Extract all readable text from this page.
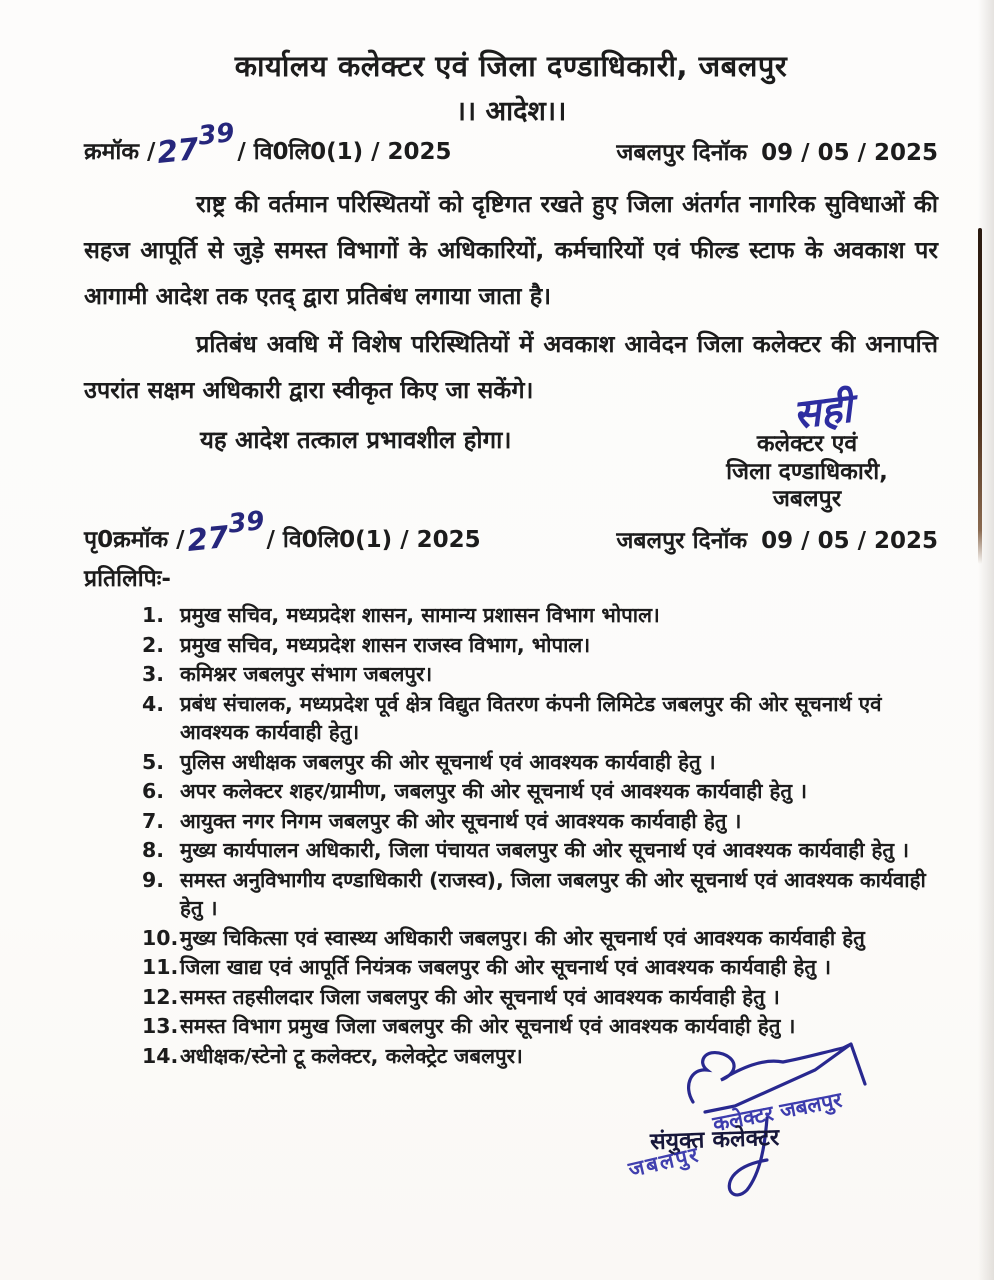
कार्यालय कलेक्टर एवं जिला दण्डाधिकारी, जबलपुर
।। आदेश।।
क्रमॉक /2739/ वि0लि0(1) / 2025	जबलपुर दिनॉक 09 / 05 / 2025

राष्ट्र की वर्तमान परिस्थितयों को दृष्टिगत रखते हुए जिला अंतर्गत नागरिक सुविधाओं की सहज आपूर्ति से जुड़े समस्त विभागों के अधिकारियों, कर्मचारियों एवं फील्ड स्टाफ के अवकाश पर आगामी आदेश तक एतद् द्वारा प्रतिबंध लगाया जाता है।

प्रतिबंध अवधि में विशेष परिस्थितियों में अवकाश आवेदन जिला कलेक्टर की अनापत्ति उपरांत सक्षम अधिकारी द्वारा स्वीकृत किए जा सकेंगे।

यह आदेश तत्काल प्रभावशील होगा।
सही
कलेक्टर एवं
जिला दण्डाधिकारी,
जबलपुर
पृ0क्रमॉक /2739/ वि0लि0(1) / 2025	जबलपुर दिनॉक 09 / 05 / 2025
प्रतिलिपिः-
1. प्रमुख सचिव, मध्यप्रदेश शासन, सामान्य प्रशासन विभाग भोपाल।
2. प्रमुख सचिव, मध्यप्रदेश शासन राजस्व विभाग, भोपाल।
3. कमिश्नर जबलपुर संभाग जबलपुर।
4. प्रबंध संचालक, मध्यप्रदेश पूर्व क्षेत्र विद्युत वितरण कंपनी लिमिटेड जबलपुर की ओर सूचनार्थ एवं आवश्यक कार्यवाही हेतु।
5. पुलिस अधीक्षक जबलपुर की ओर सूचनार्थ एवं आवश्यक कार्यवाही हेतु ।
6. अपर कलेक्टर शहर/ग्रामीण, जबलपुर की ओर सूचनार्थ एवं आवश्यक कार्यवाही हेतु ।
7. आयुक्त नगर निगम जबलपुर की ओर सूचनार्थ एवं आवश्यक कार्यवाही हेतु ।
8. मुख्य कार्यपालन अधिकारी, जिला पंचायत जबलपुर की ओर सूचनार्थ एवं आवश्यक कार्यवाही हेतु ।
9. समस्त अनुविभागीय दण्डाधिकारी (राजस्व), जिला जबलपुर की ओर सूचनार्थ एवं आवश्यक कार्यवाही हेतु ।
10. मुख्य चिकित्सा एवं स्वास्थ्य अधिकारी जबलपुर। की ओर सूचनार्थ एवं आवश्यक कार्यवाही हेतु
11. जिला खाद्य एवं आपूर्ति नियंत्रक जबलपुर की ओर सूचनार्थ एवं आवश्यक कार्यवाही हेतु ।
12. समस्त तहसीलदार जिला जबलपुर की ओर सूचनार्थ एवं आवश्यक कार्यवाही हेतु ।
13. समस्त विभाग प्रमुख जिला जबलपुर की ओर सूचनार्थ एवं आवश्यक कार्यवाही हेतु ।
14. अधीक्षक/स्टेनो टू कलेक्टर, कलेक्ट्रेट जबलपुर।
कलेक्टर जबलपुर
संयुक्त कलेक्टर
जबलपुर
